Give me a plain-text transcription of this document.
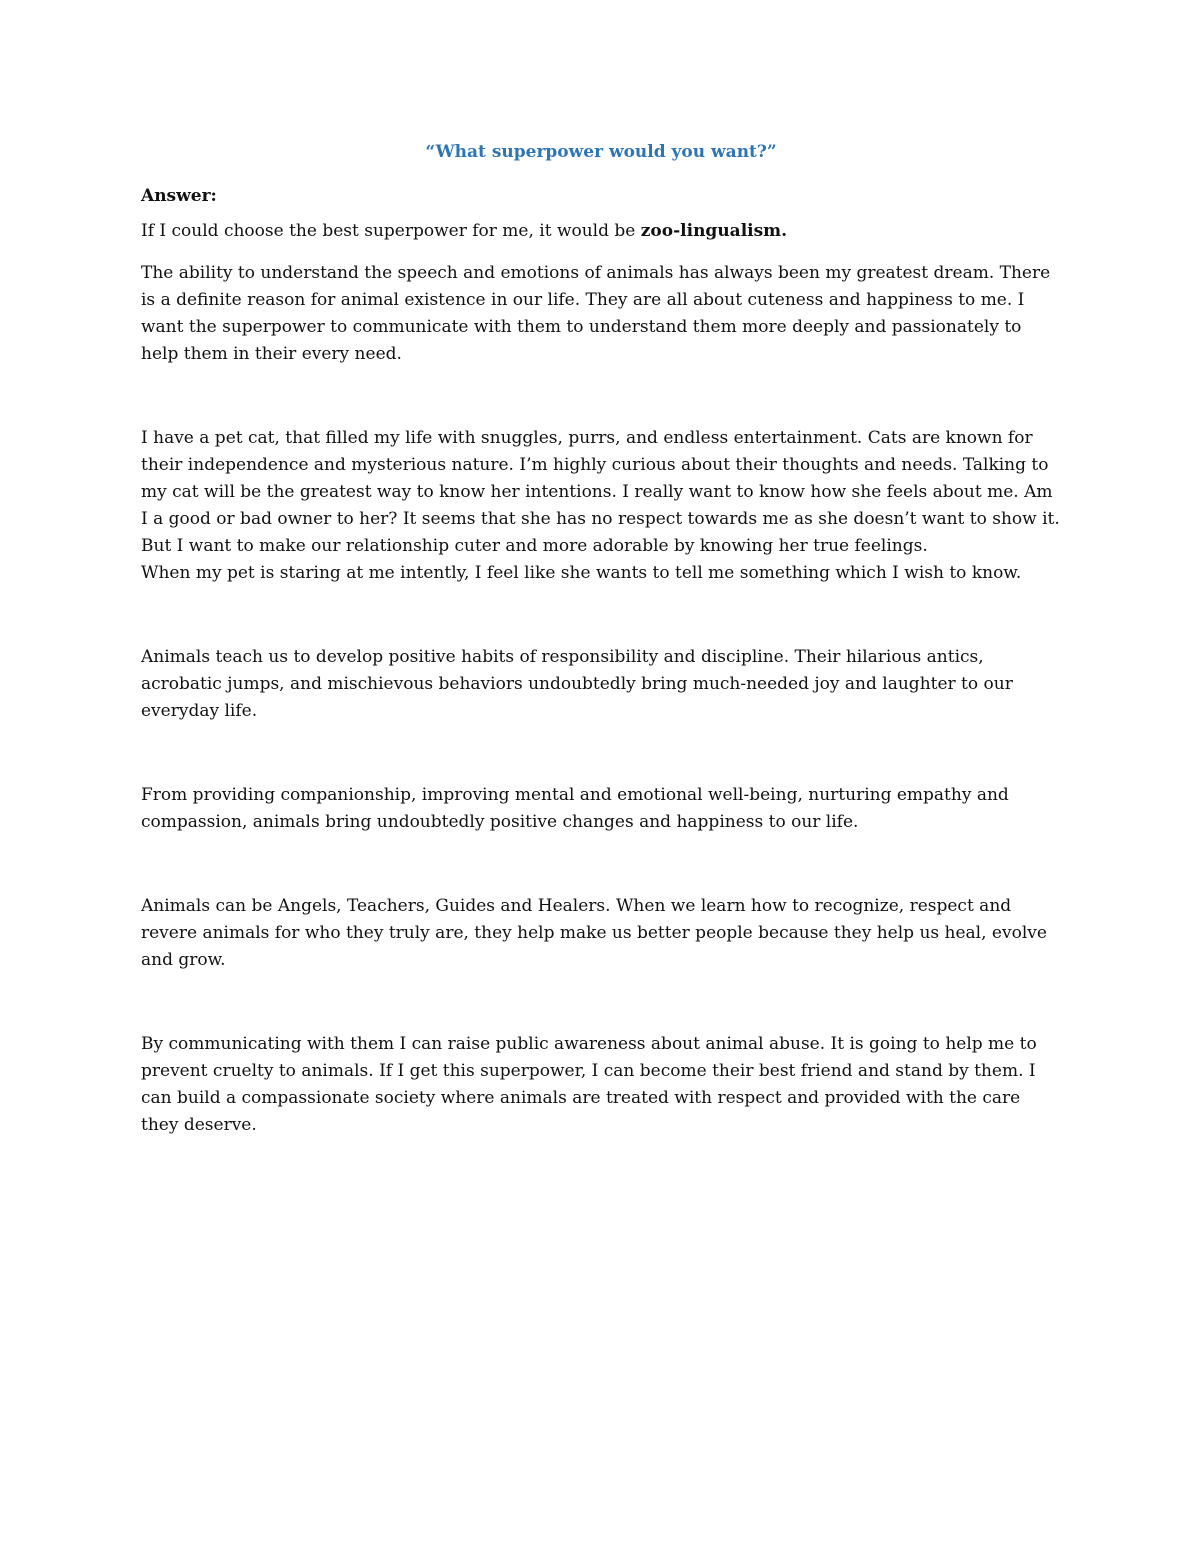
“What superpower would you want?”
Answer:

If I could choose the best superpower for me, it would be zoo-lingualism.

The ability to understand the speech and emotions of animals has always been my greatest dream. There is a definite reason for animal existence in our life. They are all about cuteness and happiness to me. I want the superpower to communicate with them to understand them more deeply and passionately to help them in their every need.

I have a pet cat, that filled my life with snuggles, purrs, and endless entertainment. Cats are known for their independence and mysterious nature. I’m highly curious about their thoughts and needs. Talking to my cat will be the greatest way to know her intentions. I really want to know how she feels about me. Am I a good or bad owner to her? It seems that she has no respect towards me as she doesn’t want to show it. But I want to make our relationship cuter and more adorable by knowing her true feelings.
When my pet is staring at me intently, I feel like she wants to tell me something which I wish to know.

Animals teach us to develop positive habits of responsibility and discipline. Their hilarious antics, acrobatic jumps, and mischievous behaviors undoubtedly bring much-needed joy and laughter to our everyday life.

From providing companionship, improving mental and emotional well-being, nurturing empathy and compassion, animals bring undoubtedly positive changes and happiness to our life.

Animals can be Angels, Teachers, Guides and Healers. When we learn how to recognize, respect and revere animals for who they truly are, they help make us better people because they help us heal, evolve and grow.

By communicating with them I can raise public awareness about animal abuse. It is going to help me to prevent cruelty to animals. If I get this superpower, I can become their best friend and stand by them. I can build a compassionate society where animals are treated with respect and provided with the care they deserve.
